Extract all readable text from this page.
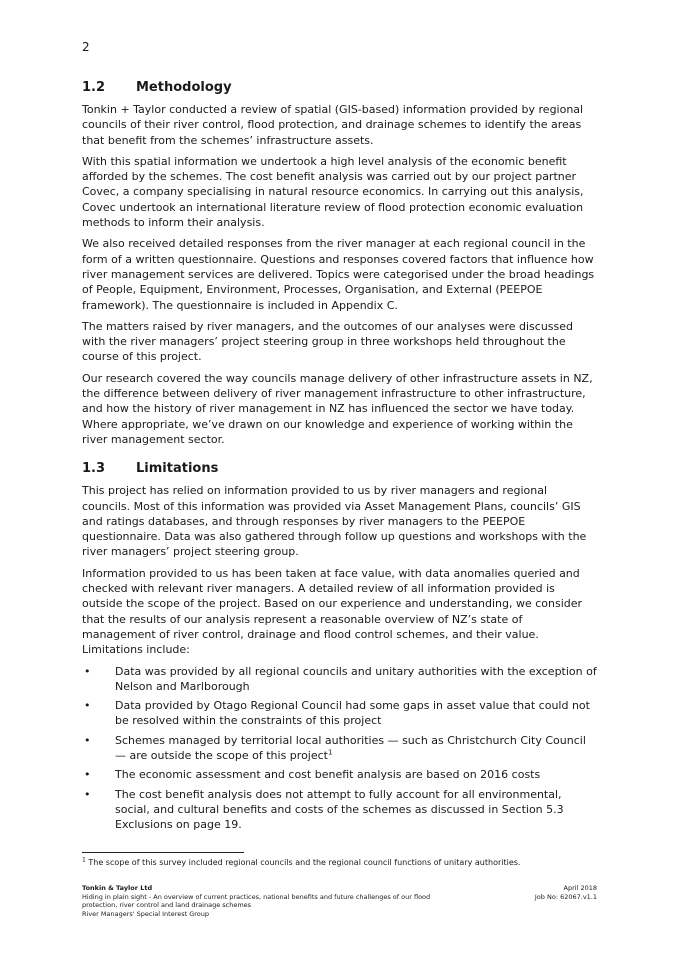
2
1.2	Methodology

Tonkin + Taylor conducted a review of spatial (GIS-based) information provided by regional councils of their river control, flood protection, and drainage schemes to identify the areas that benefit from the schemes’ infrastructure assets.

With this spatial information we undertook a high level analysis of the economic benefit afforded by the schemes. The cost benefit analysis was carried out by our project partner Covec, a company specialising in natural resource economics. In carrying out this analysis, Covec undertook an international literature review of flood protection economic evaluation methods to inform their analysis.

We also received detailed responses from the river manager at each regional council in the form of a written questionnaire. Questions and responses covered factors that influence how river management services are delivered. Topics were categorised under the broad headings of People, Equipment, Environment, Processes, Organisation, and External (PEEPOE framework). The questionnaire is included in Appendix C.

The matters raised by river managers, and the outcomes of our analyses were discussed with the river managers’ project steering group in three workshops held throughout the course of this project.

Our research covered the way councils manage delivery of other infrastructure assets in NZ, the difference between delivery of river management infrastructure to other infrastructure, and how the history of river management in NZ has influenced the sector we have today. Where appropriate, we’ve drawn on our knowledge and experience of working within the river management sector.

1.3	Limitations

This project has relied on information provided to us by river managers and regional councils. Most of this information was provided via Asset Management Plans, councils’ GIS and ratings databases, and through responses by river managers to the PEEPOE questionnaire. Data was also gathered through follow up questions and workshops with the river managers’ project steering group.

Information provided to us has been taken at face value, with data anomalies queried and checked with relevant river managers. A detailed review of all information provided is outside the scope of the project. Based on our experience and understanding, we consider that the results of our analysis represent a reasonable overview of NZ’s state of management of river control, drainage and flood control schemes, and their value. Limitations include:

• Data was provided by all regional councils and unitary authorities with the exception of Nelson and Marlborough
• Data provided by Otago Regional Council had some gaps in asset value that could not be resolved within the constraints of this project
• Schemes managed by territorial local authorities — such as Christchurch City Council — are outside the scope of this project$^1$
• The economic assessment and cost benefit analysis are based on 2016 costs
• The cost benefit analysis does not attempt to fully account for all environmental, social, and cultural benefits and costs of the schemes as discussed in Section 5.3 Exclusions on page 19.
$^1$ The scope of this survey included regional councils and the regional council functions of unitary authorities.
Tonkin & Taylor Ltd
Hiding in plain sight - An overview of current practices, national benefits and future challenges of our flood
protection, river control and land drainage schemes
River Managers' Special Interest Group
April 2018
Job No: 62067.v1.1
